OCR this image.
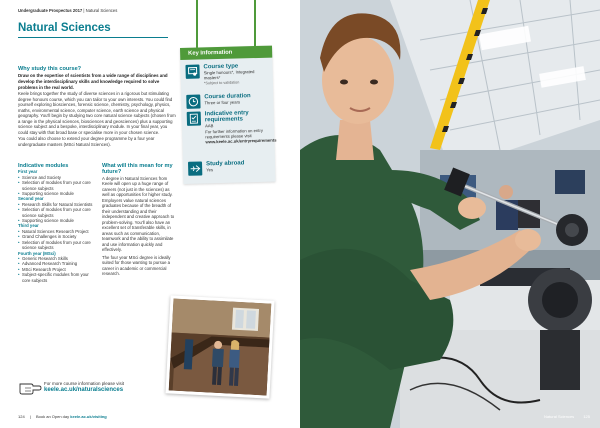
Undergraduate Prospectus 2017 | Natural Sciences
Natural Sciences
Why study this course?

Draw on the expertise of scientists from a wide range of disciplines and develop the interdisciplinary skills and knowledge required to solve problems in the real world.

Keele brings together the study of diverse sciences in a rigorous but stimulating degree honours course, which you can tailor to your own interests. You could find yourself exploring biosciences, forensic science, chemistry, psychology, physics, maths, environmental science, computer science, earth science and physical geography. You'll begin by studying two core natural science subjects (chosen from a range in the physical sciences, biosciences and geosciences) plus a supporting science subject and a bespoke, interdisciplinary module. In your final year, you could stay with that broad base or specialise more in your chosen science.

You could also choose to extend your degree programme by a four year undergraduate masters (MSci Natural Sciences).

Indicative modules
First year
• Science and Society
• Selection of modules from your core science subjects
• Supporting science module
Second year
• Research Skills for Natural Scientists
• Selection of modules from your core science subjects
• Supporting science module
Third year
• Natural Sciences Research Project
• Grand Challenges in Society
• Selection of modules from your core science subjects
Fourth year (MSci)
• Generic Research Skills
• Advanced Research Training
• MSci Research Project
• Subject-specific modules from your core subjects
What will this mean for my future?

A degree in Natural Sciences from Keele will open up a huge range of careers (not just in the sciences) as well as opportunities for higher study. Employers value natural sciences graduates because of the breadth of their understanding and their independent and creative approach to problem-solving. You'll also have an excellent set of transferable skills, in areas such as communication, teamwork and the ability to assimilate and use information quickly and effectively.

The four year MSci degree is ideally suited for those wanting to pursue a career in academic or commercial research.

Key Information
Course type
Single honours*, Integrated masters*
*Subject to validation
Course duration
Three or four years
Indicative entry requirements
AAB
For further information on entry requirements please visit
www.keele.ac.uk/entryrequirements
Study abroad
Yes
For more course information please visit
keele.ac.uk/naturalsciences
124 | Book an Open day keele.ac.uk/visiting	Natural Sciences 125
